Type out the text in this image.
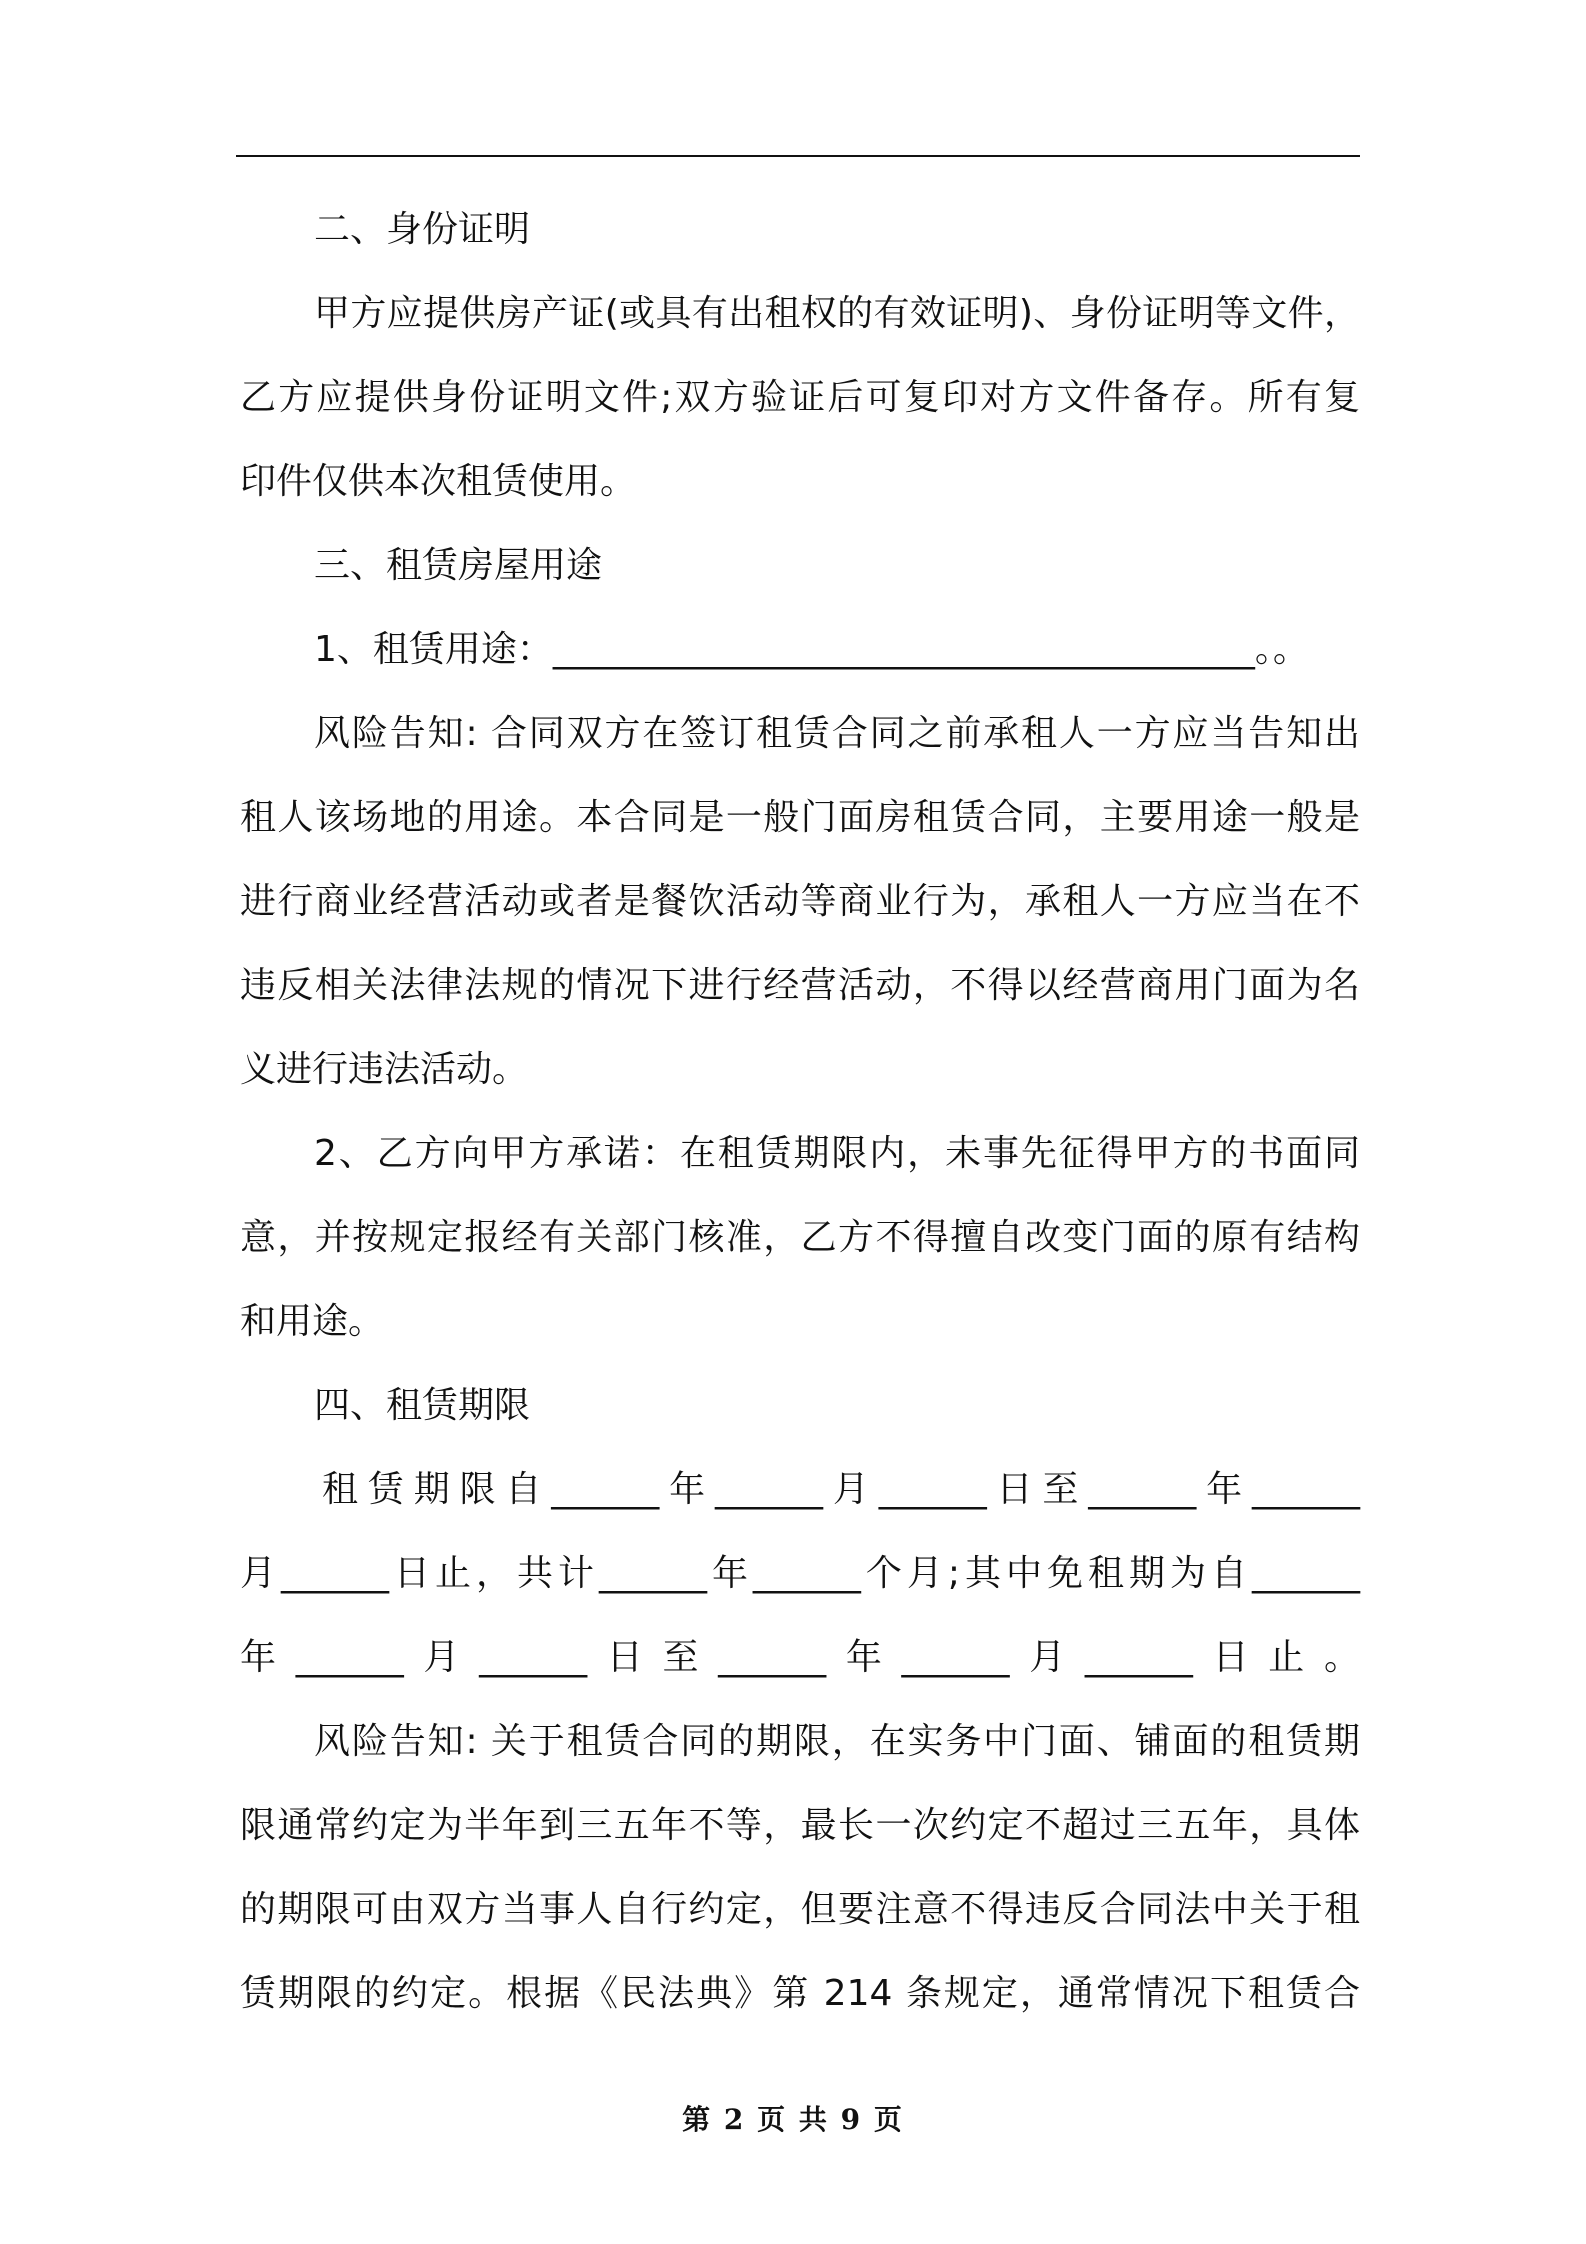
二、身份证明
甲方应提供房产证(或具有出租权的有效证明)、身份证明等文件，
乙方应提供身份证明文件;双方验证后可复印对方文件备存。所有复
印件仅供本次租赁使用。
三、租赁房屋用途
1、租赁用途：_______________________________________。。
风险告知: 合同双方在签订租赁合同之前承租人一方应当告知出
租人该场地的用途。本合同是一般门面房租赁合同，主要用途一般是
进行商业经营活动或者是餐饮活动等商业行为，承租人一方应当在不
违反相关法律法规的情况下进行经营活动，不得以经营商用门面为名
义进行违法活动。
2、乙方向甲方承诺：在租赁期限内，未事先征得甲方的书面同
意，并按规定报经有关部门核准，乙方不得擅自改变门面的原有结构
和用途。
四、租赁期限
租赁期限自______年______月______日至______年______
月______日止，共计______年______个月;其中免租期为自______
年______月______日至______年______月______日止。
风险告知: 关于租赁合同的期限，在实务中门面、铺面的租赁期
限通常约定为半年到三五年不等，最长一次约定不超过三五年，具体
的期限可由双方当事人自行约定，但要注意不得违反合同法中关于租
赁期限的约定。根据《民法典》第 214 条规定，通常情况下租赁合
第 2 页 共 9 页
